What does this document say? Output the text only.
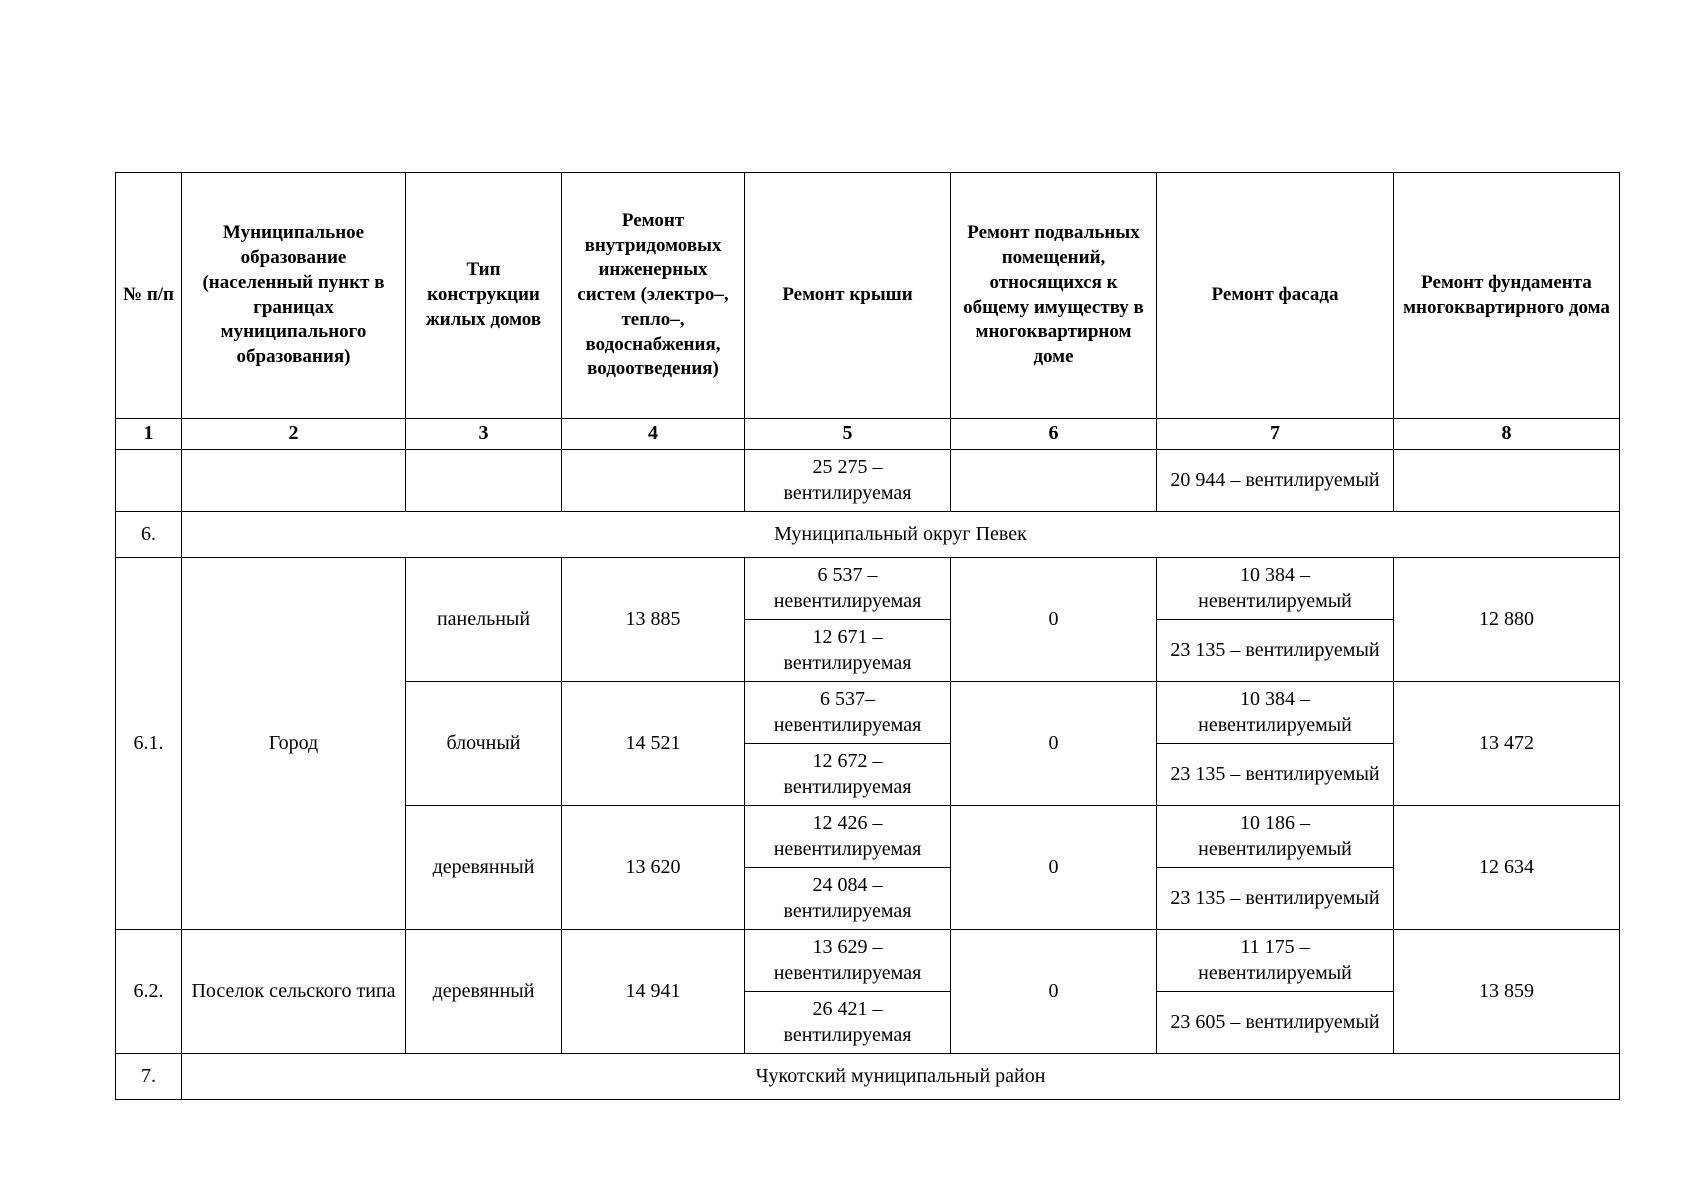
№ п/п	Муниципальное образование (населенный пункт в границах муниципального образования)	Тип конструкции жилых домов	Ремонт внутридомовых инженерных систем (электро–, тепло–, водоснабжения, водоотведения)	Ремонт крыши	Ремонт подвальных помещений, относящихся к общему имуществу в многоквартирном доме	Ремонт фасада	Ремонт фундамента многоквартирного дома
1	2	3	4	5	6	7	8
				25 275 – вентилируемая		20 944 – вентилируемый	
6.	Муниципальный округ Певек						
6.1.	Город	панельный	13 885	6 537 – невентилируемая	0	10 384 – невентилируемый	12 880
				12 671 – вентилируемая		23 135 – вентилируемый	
		блочный	14 521	6 537– невентилируемая	0	10 384 – невентилируемый	13 472
				12 672 – вентилируемая		23 135 – вентилируемый	
		деревянный	13 620	12 426 – невентилируемая	0	10 186 – невентилируемый	12 634
				24 084 – вентилируемая		23 135 – вентилируемый	
6.2.	Поселок сельского типа	деревянный	14 941	13 629 – невентилируемая	0	11 175 – невентилируемый	13 859
				26 421 – вентилируемая		23 605 – вентилируемый	
7.	Чукотский муниципальный район						
